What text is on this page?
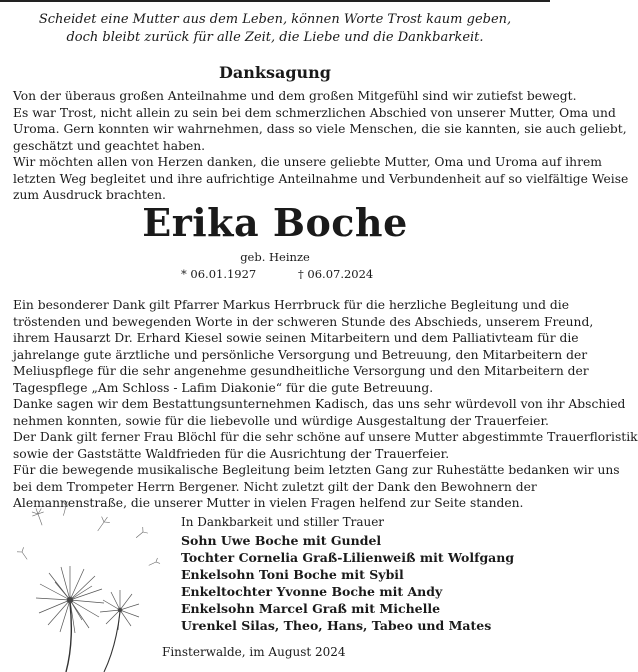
Scheidet eine Mutter aus dem Leben, können Worte Trost kaum geben,
doch bleibt zurück für alle Zeit, die Liebe und die Dankbarkeit.
Danksagung
Von der überaus großen Anteilnahme und dem großen Mitgefühl sind wir zutiefst bewegt.
Es war Trost, nicht allein zu sein bei dem schmerzlichen Abschied von unserer Mutter, Oma und
Uroma. Gern konnten wir wahrnehmen, dass so viele Menschen, die sie kannten, sie auch geliebt,
geschätzt und geachtet haben.
Wir möchten allen von Herzen danken, die unsere geliebte Mutter, Oma und Uroma auf ihrem
letzten Weg begleitet und ihre aufrichtige Anteilnahme und Verbundenheit auf so vielfältige Weise
zum Ausdruck brachten.
Erika Boche
geb. Heinze
* 06.01.1927	† 06.07.2024
Ein besonderer Dank gilt Pfarrer Markus Herrbruck für die herzliche Begleitung und die
tröstenden und bewegenden Worte in der schweren Stunde des Abschieds, unserem Freund,
ihrem Hausarzt Dr. Erhard Kiesel sowie seinen Mitarbeitern und dem Palliativteam für die
jahrelange gute ärztliche und persönliche Versorgung und Betreuung, den Mitarbeitern der
Meliuspflege für die sehr angenehme gesundheitliche Versorgung und den Mitarbeitern der
Tagespflege „Am Schloss - Lafim Diakonie“ für die gute Betreuung.
Danke sagen wir dem Bestattungsunternehmen Kadisch, das uns sehr würdevoll von ihr Abschied
nehmen konnten, sowie für die liebevolle und würdige Ausgestaltung der Trauerfeier.
Der Dank gilt ferner Frau Blöchl für die sehr schöne auf unsere Mutter abgestimmte Trauerfloristik
sowie der Gaststätte Waldfrieden für die Ausrichtung der Trauerfeier.
Für die bewegende musikalische Begleitung beim letzten Gang zur Ruhestätte bedanken wir uns
bei dem Trompeter Herrn Bergener. Nicht zuletzt gilt der Dank den Bewohnern der
Alemannenstraße, die unserer Mutter in vielen Fragen helfend zur Seite standen.
In Dankbarkeit und stiller Trauer
Sohn Uwe Boche mit Gundel
Tochter Cornelia Graß-Lilienweiß mit Wolfgang
Enkelsohn Toni Boche mit Sybil
Enkeltochter Yvonne Boche mit Andy
Enkelsohn Marcel Graß mit Michelle
Urenkel Silas, Theo, Hans, Tabeo und Mates
Finsterwalde, im August 2024
